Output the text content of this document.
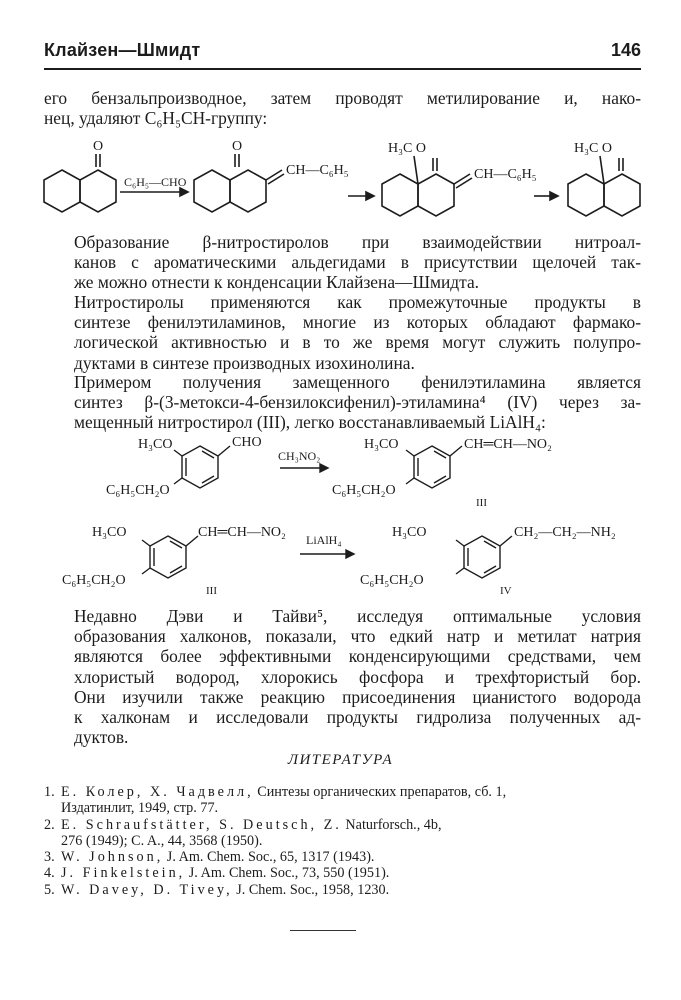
Клайзен—Шмидт	146
его бензальпроизводное, затем проводят метилирование и, нако-
нец, удаляют C₆H₅CH-группу:
O
C₆H₅—CHO
O
CH—C₆H₅
H₃C O
CH—C₆H₅
H₃C O
Образование β-нитростиролов при взаимодействии нитроал-
канов с ароматическими альдегидами в присутствии щелочей так-
же можно отнести к конденсации Клайзена—Шмидта.
Нитростиролы применяются как промежуточные продукты в
синтезе фенилэтиламинов, многие из которых обладают фармако-
логической активностью и в то же время могут служить полупро-
дуктами в синтезе производных изохинолина.
Примером получения замещенного фенилэтиламина является
синтез β-(3-метокси-4-бензилоксифенил)-этиламина⁴ (IV) через за-
мещенный нитростирол (III), легко восстанавливаемый LiAlH₄:
H₃CO	CHO
C₆H₅CH₂O
CH₃NO₂
H₃CO	CH═CH—NO₂
C₆H₅CH₂O
III
H₃CO	CH═CH—NO₂
C₆H₅CH₂O
III
LiAlH₄	H₃CO	CH₂—CH₂—NH₂
C₆H₅CH₂O
IV
Недавно Дэви и Тайви⁵, исследуя оптимальные условия
образования халконов, показали, что едкий натр и метилат натрия
являются более эффективными конденсирующими средствами, чем
хлористый водород, хлорокись фосфора и трехфтористый бор.
Они изучили также реакцию присоединения цианистого водорода
к халконам и исследовали продукты гидролиза полученных ад-
дуктов.
ЛИТЕРАТУРА
1. Е. Колер, Х. Чадвелл, Синтезы органических препаратов, сб. 1,
Издатинлит, 1949, стр. 77.
2. E. Schraufstätter, S. Deutsch, Z. Naturforsch., 4b,
276 (1949); C. A., 44, 3568 (1950).
3. W. Johnson, J. Am. Chem. Soc., 65, 1317 (1943).
4. J. Finkelstein, J. Am. Chem. Soc., 73, 550 (1951).
5. W. Davey, D. Tivey, J. Chem. Soc., 1958, 1230.
